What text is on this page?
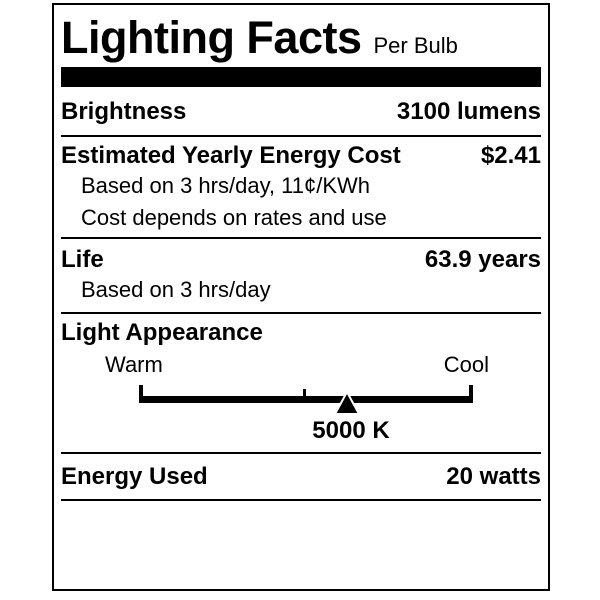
Lighting Facts Per Bulb
Brightness	3100 lumens
Estimated Yearly Energy Cost	$2.41
Based on 3 hrs/day, 11¢/KWh
Cost depends on rates and use
Life	63.9 years
Based on 3 hrs/day
Light Appearance
Warm	Cool
5000 K
Energy Used	20 watts
